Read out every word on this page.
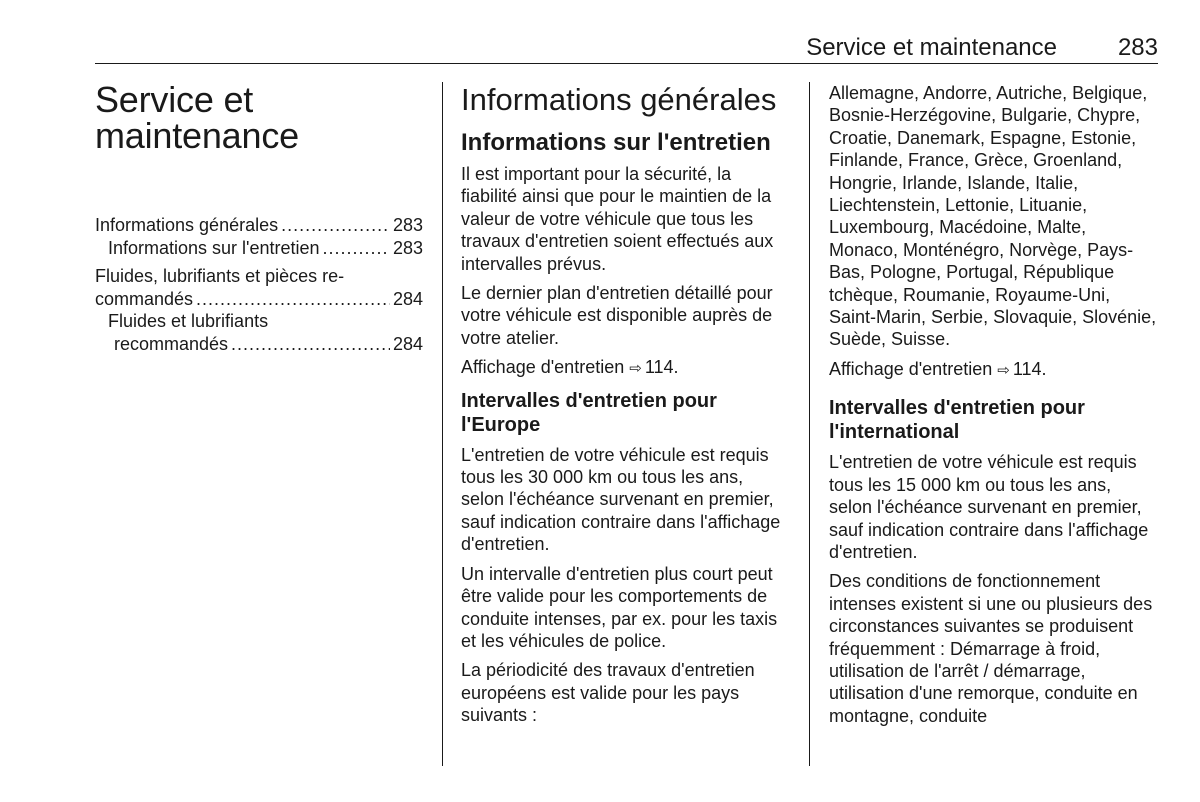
Service et maintenance	283
Service et
maintenance
Informations générales .....	283
Informations sur l'entretien .....	283
Fluides, lubrifiants et pièces re-
commandés .....	284
Fluides et lubrifiants
recommandés .....	284
Informations générales
Informations sur l'entretien

Il est important pour la sécurité, la fiabilité ainsi que pour le maintien de la valeur de votre véhicule que tous les travaux d'entretien soient effectués aux intervalles prévus.

Le dernier plan d'entretien détaillé pour votre véhicule est disponible auprès de votre atelier.

Affichage d'entretien ⇨ 114.

Intervalles d'entretien pour l'Europe

L'entretien de votre véhicule est requis tous les 30 000 km ou tous les ans, selon l'échéance survenant en premier, sauf indication contraire dans l'affichage d'entretien.

Un intervalle d'entretien plus court peut être valide pour les comportements de conduite intenses, par ex. pour les taxis et les véhicules de police.

La périodicité des travaux d'entretien européens est valide pour les pays suivants :

Allemagne, Andorre, Autriche, Belgique, Bosnie-Herzégovine, Bulgarie, Chypre, Croatie, Danemark, Espagne, Estonie, Finlande, France, Grèce, Groenland, Hongrie, Irlande, Islande, Italie, Liechtenstein, Lettonie, Lituanie, Luxembourg, Macédoine, Malte, Monaco, Monténégro, Norvège, Pays-Bas, Pologne, Portugal, République tchèque, Roumanie, Royaume-Uni, Saint-Marin, Serbie, Slovaquie, Slovénie, Suède, Suisse.

Affichage d'entretien ⇨ 114.

Intervalles d'entretien pour l'international

L'entretien de votre véhicule est requis tous les 15 000 km ou tous les ans, selon l'échéance survenant en premier, sauf indication contraire dans l'affichage d'entretien.

Des conditions de fonctionnement intenses existent si une ou plusieurs des circonstances suivantes se produisent fréquemment : Démarrage à froid, utilisation de l'arrêt / démarrage, utilisation d'une remorque, conduite en montagne, conduite
